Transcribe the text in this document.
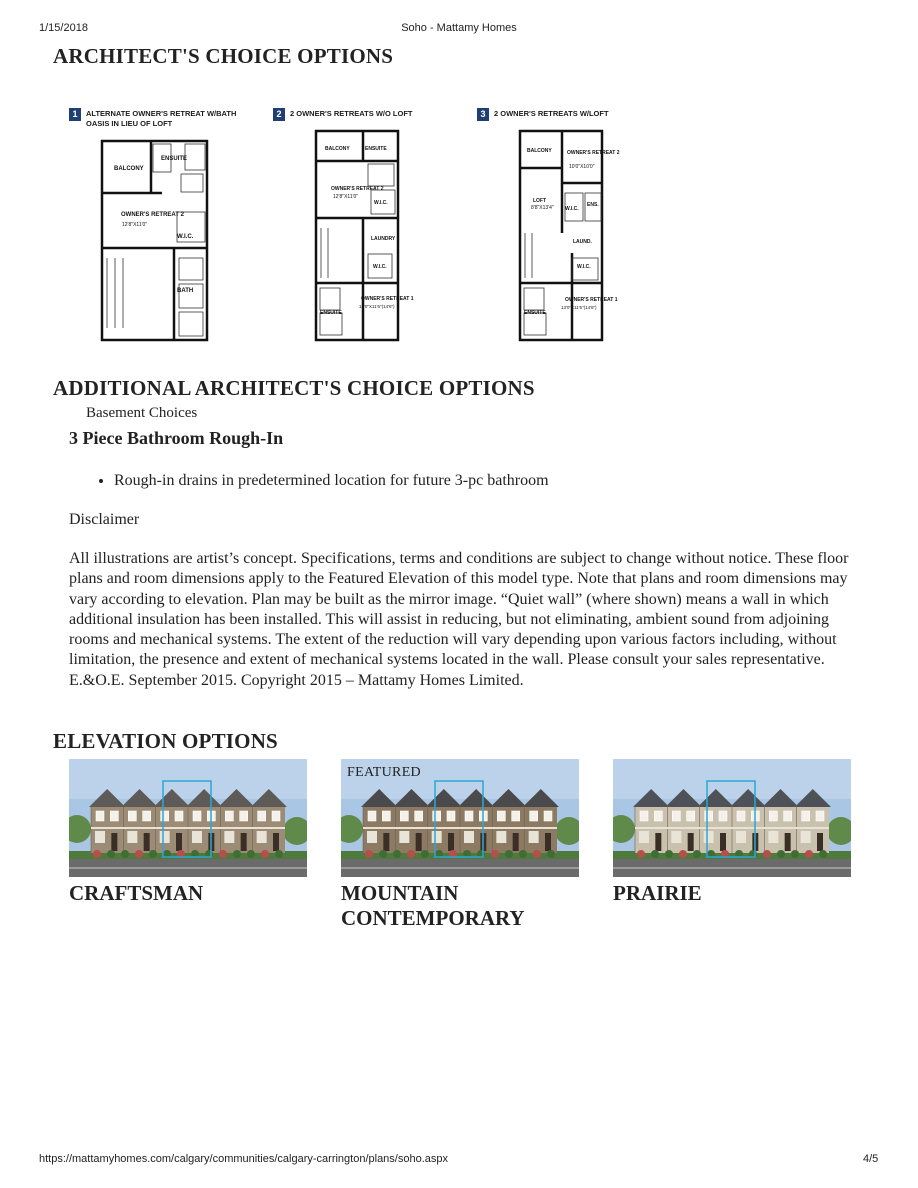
1/15/2018	Soho - Mattamy Homes
ARCHITECT'S CHOICE OPTIONS
1 ALTERNATE OWNER'S RETREAT W/BATH OASIS IN LIEU OF LOFT
BALCONY
ENSUITE
OWNER'S RETREAT 2
12'8"X11'0"
W.I.C.
BATH
2 2 OWNER'S RETREATS W/O LOFT
BALCONY	ENSUITE
OWNER'S RETREAT 2
12'8"X11'0"
W.I.C.
LAUNDRY
W.I.C.
OWNER'S RETREAT 1
13'0"X11'6"(14'6")
ENSUITE
3 2 OWNER'S RETREATS W/LOFT
BALCONY	OWNER'S RETREAT 2
10'0"X10'0"
LOFT
8'8"X13'4" W.I.C.
ENS.
LAUND.
W.I.C.
OWNER'S RETREAT 1
13'0"X11'6"(14'6")
ENSUITE
ADDITIONAL ARCHITECT'S CHOICE OPTIONS
Basement Choices
3 Piece Bathroom Rough-In
• Rough-in drains in predetermined location for future 3-pc bathroom
Disclaimer

All illustrations are artist’s concept. Specifications, terms and conditions are subject to change without notice. These floor plans and room dimensions apply to the Featured Elevation of this model type. Note that plans and room dimensions may vary according to elevation. Plan may be built as the mirror image. “Quiet wall” (where shown) means a wall in which additional insulation has been installed. This will assist in reducing, but not eliminating, ambient sound from adjoining rooms and mechanical systems. The extent of the reduction will vary depending upon various factors including, without limitation, the presence and extent of mechanical systems located in the wall. Please consult your sales representative. E.&O.E. September 2015. Copyright 2015 – Mattamy Homes Limited.

ELEVATION OPTIONS
CRAFTSMAN
FEATURED
MOUNTAIN CONTEMPORARY
PRAIRIE
https://mattamyhomes.com/calgary/communities/calgary-carrington/plans/soho.aspx	4/5
